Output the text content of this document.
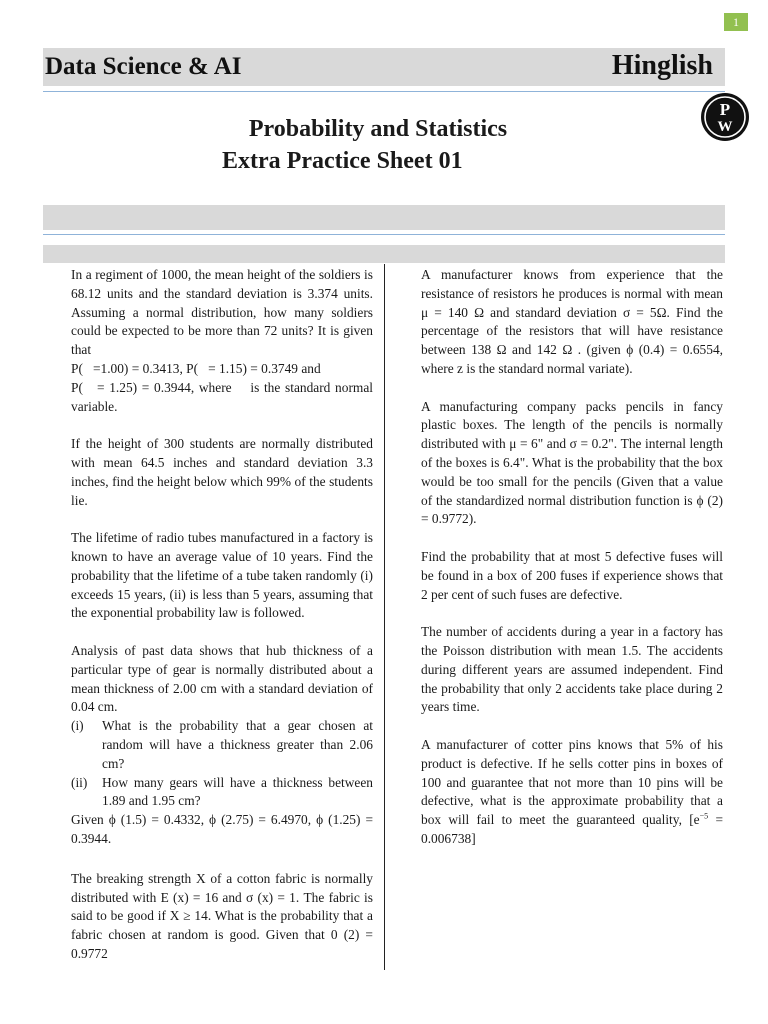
1
Data Science & AI	Hinglish
P
W
Probability and Statistics
Extra Practice Sheet 01
In a regiment of 1000, the mean height of the soldiers is 68.12 units and the standard deviation is 3.374 units. Assuming a normal distribution, how many soldiers could be expected to be more than 72 units? It is given that
P(   =1.00) = 0.3413, P(   = 1.15) = 0.3749 and
P(   = 1.25) = 0.3944, where    is the standard normal variable.
If the height of 300 students are normally distributed with mean 64.5 inches and standard deviation 3.3 inches, find the height below which 99% of the students lie.
The lifetime of radio tubes manufactured in a factory is known to have an average value of 10 years. Find the probability that the lifetime of a tube taken randomly (i) exceeds 15 years, (ii) is less than 5 years, assuming that the exponential probability law is followed.
Analysis of past data shows that hub thickness of a particular type of gear is normally distributed about a mean thickness of 2.00 cm with a standard deviation of 0.04 cm.
(i)	What is the probability that a gear chosen at random will have a thickness greater than 2.06 cm?
(ii)	How many gears will have a thickness between 1.89 and 1.95 cm?
Given ϕ (1.5) = 0.4332, ϕ (2.75) = 6.4970, ϕ (1.25) = 0.3944.
The breaking strength X of a cotton fabric is normally distributed with E (x) = 16 and σ (x) = 1. The fabric is said to be good if X ≥ 14. What is the probability that a fabric chosen at random is good. Given that 0 (2) = 0.9772
A manufacturer knows from experience that the resistance of resistors he produces is normal with mean μ = 140 Ω and standard deviation σ = 5Ω. Find the percentage of the resistors that will have resistance between 138 Ω and 142 Ω . (given ϕ (0.4) = 0.6554, where z is the standard normal variate).
A manufacturing company packs pencils in fancy plastic boxes. The length of the pencils is normally distributed with μ = 6" and σ = 0.2". The internal length of the boxes is 6.4". What is the probability that the box would be too small for the pencils (Given that a value of the standardized normal distribution function is ϕ (2) = 0.9772).
Find the probability that at most 5 defective fuses will be found in a box of 200 fuses if experience shows that 2 per cent of such fuses are defective.
The number of accidents during a year in a factory has the Poisson distribution with mean 1.5. The accidents during different years are assumed independent. Find the probability that only 2 accidents take place during 2 years time.
A manufacturer of cotter pins knows that 5% of his product is defective. If he sells cotter pins in boxes of 100 and guarantee that not more than 10 pins will be defective, what is the approximate probability that a box will fail to meet the guaranteed quality, $[e^{-5} = 0.006738]$
